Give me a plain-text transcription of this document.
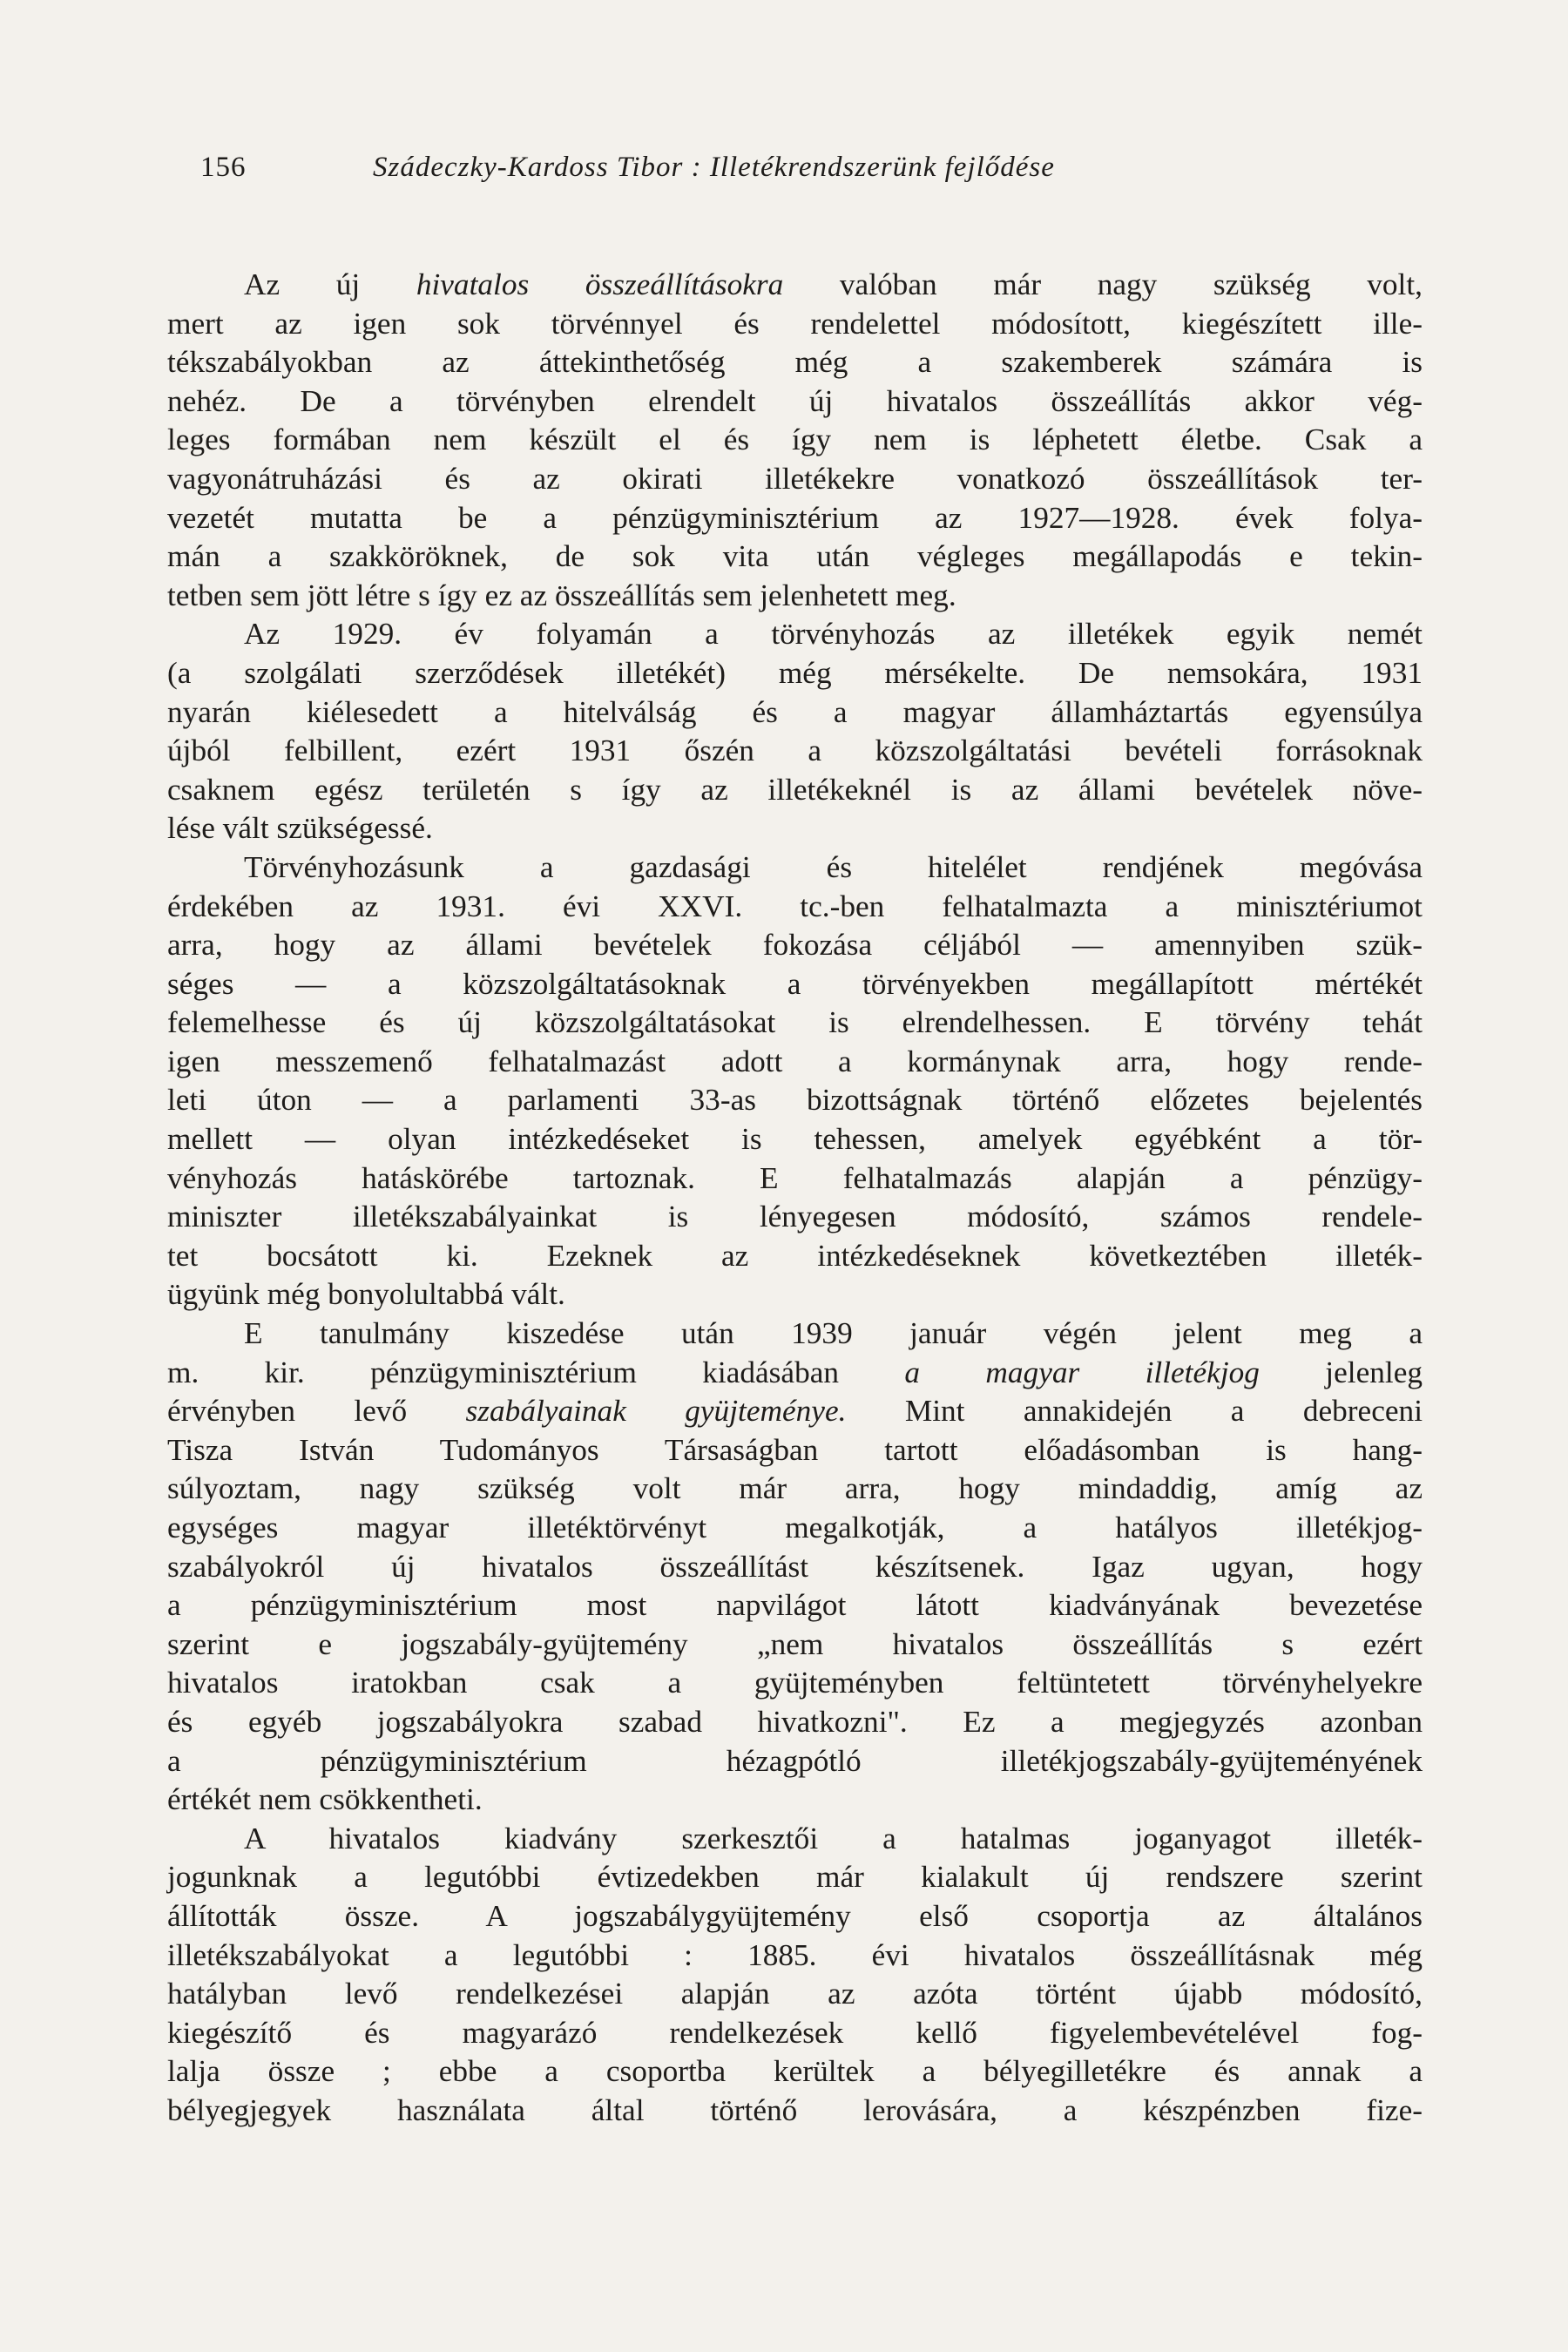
156	Szádeczky-Kardoss Tibor : Illetékrendszerünk fejlődése
Az új hivatalos összeállításokra valóban már nagy szükség volt,
mert az igen sok törvénnyel és rendelettel módosított, kiegészített ille-
tékszabályokban az áttekinthetőség még a szakemberek számára is
nehéz. De a törvényben elrendelt új hivatalos összeállítás akkor vég-
leges formában nem készült el és így nem is léphetett életbe. Csak a
vagyonátruházási és az okirati illetékekre vonatkozó összeállítások ter-
vezetét mutatta be a pénzügyminisztérium az 1927—1928. évek folya-
mán a szakköröknek, de sok vita után végleges megállapodás e tekin-
tetben sem jött létre s így ez az összeállítás sem jelenhetett meg.
Az 1929. év folyamán a törvényhozás az illetékek egyik nemét
(a szolgálati szerződések illetékét) még mérsékelte. De nemsokára, 1931
nyarán kiélesedett a hitelválság és a magyar államháztartás egyensúlya
újból felbillent, ezért 1931 őszén a közszolgáltatási bevételi forrásoknak
csaknem egész területén s így az illetékeknél is az állami bevételek növe-
lése vált szükségessé.
Törvényhozásunk a gazdasági és hitelélet rendjének megóvása
érdekében az 1931. évi XXVI. tc.-ben felhatalmazta a minisztériumot
arra, hogy az állami bevételek fokozása céljából — amennyiben szük-
séges — a közszolgáltatásoknak a törvényekben megállapított mértékét
felemelhesse és új közszolgáltatásokat is elrendelhessen. E törvény tehát
igen messzemenő felhatalmazást adott a kormánynak arra, hogy rende-
leti úton — a parlamenti 33-as bizottságnak történő előzetes bejelentés
mellett — olyan intézkedéseket is tehessen, amelyek egyébként a tör-
vényhozás hatáskörébe tartoznak. E felhatalmazás alapján a pénzügy-
miniszter illetékszabályainkat is lényegesen módosító, számos rendele-
tet bocsátott ki. Ezeknek az intézkedéseknek következtében illeték-
ügyünk még bonyolultabbá vált.
E tanulmány kiszedése után 1939 január végén jelent meg a
m. kir. pénzügyminisztérium kiadásában a magyar illetékjog jelenleg
érvényben levő szabályainak gyüjteménye. Mint annakidején a debreceni
Tisza István Tudományos Társaságban tartott előadásomban is hang-
súlyoztam, nagy szükség volt már arra, hogy mindaddig, amíg az
egységes magyar illetéktörvényt megalkotják, a hatályos illetékjog-
szabályokról új hivatalos összeállítást készítsenek. Igaz ugyan, hogy
a pénzügyminisztérium most napvilágot látott kiadványának bevezetése
szerint e jogszabály-gyüjtemény „nem hivatalos összeállítás s ezért
hivatalos iratokban csak a gyüjteményben feltüntetett törvényhelyekre
és egyéb jogszabályokra szabad hivatkozni". Ez a megjegyzés azonban
a pénzügyminisztérium hézagpótló illetékjogszabály-gyüjteményének
értékét nem csökkentheti.
A hivatalos kiadvány szerkesztői a hatalmas joganyagot illeték-
jogunknak a legutóbbi évtizedekben már kialakult új rendszere szerint
állították össze. A jogszabálygyüjtemény első csoportja az általános
illetékszabályokat a legutóbbi : 1885. évi hivatalos összeállításnak még
hatályban levő rendelkezései alapján az azóta történt újabb módosító,
kiegészítő és magyarázó rendelkezések kellő figyelembevételével fog-
lalja össze ; ebbe a csoportba kerültek a bélyegilletékre és annak a
bélyegjegyek használata által történő lerovására, a készpénzben fize-
